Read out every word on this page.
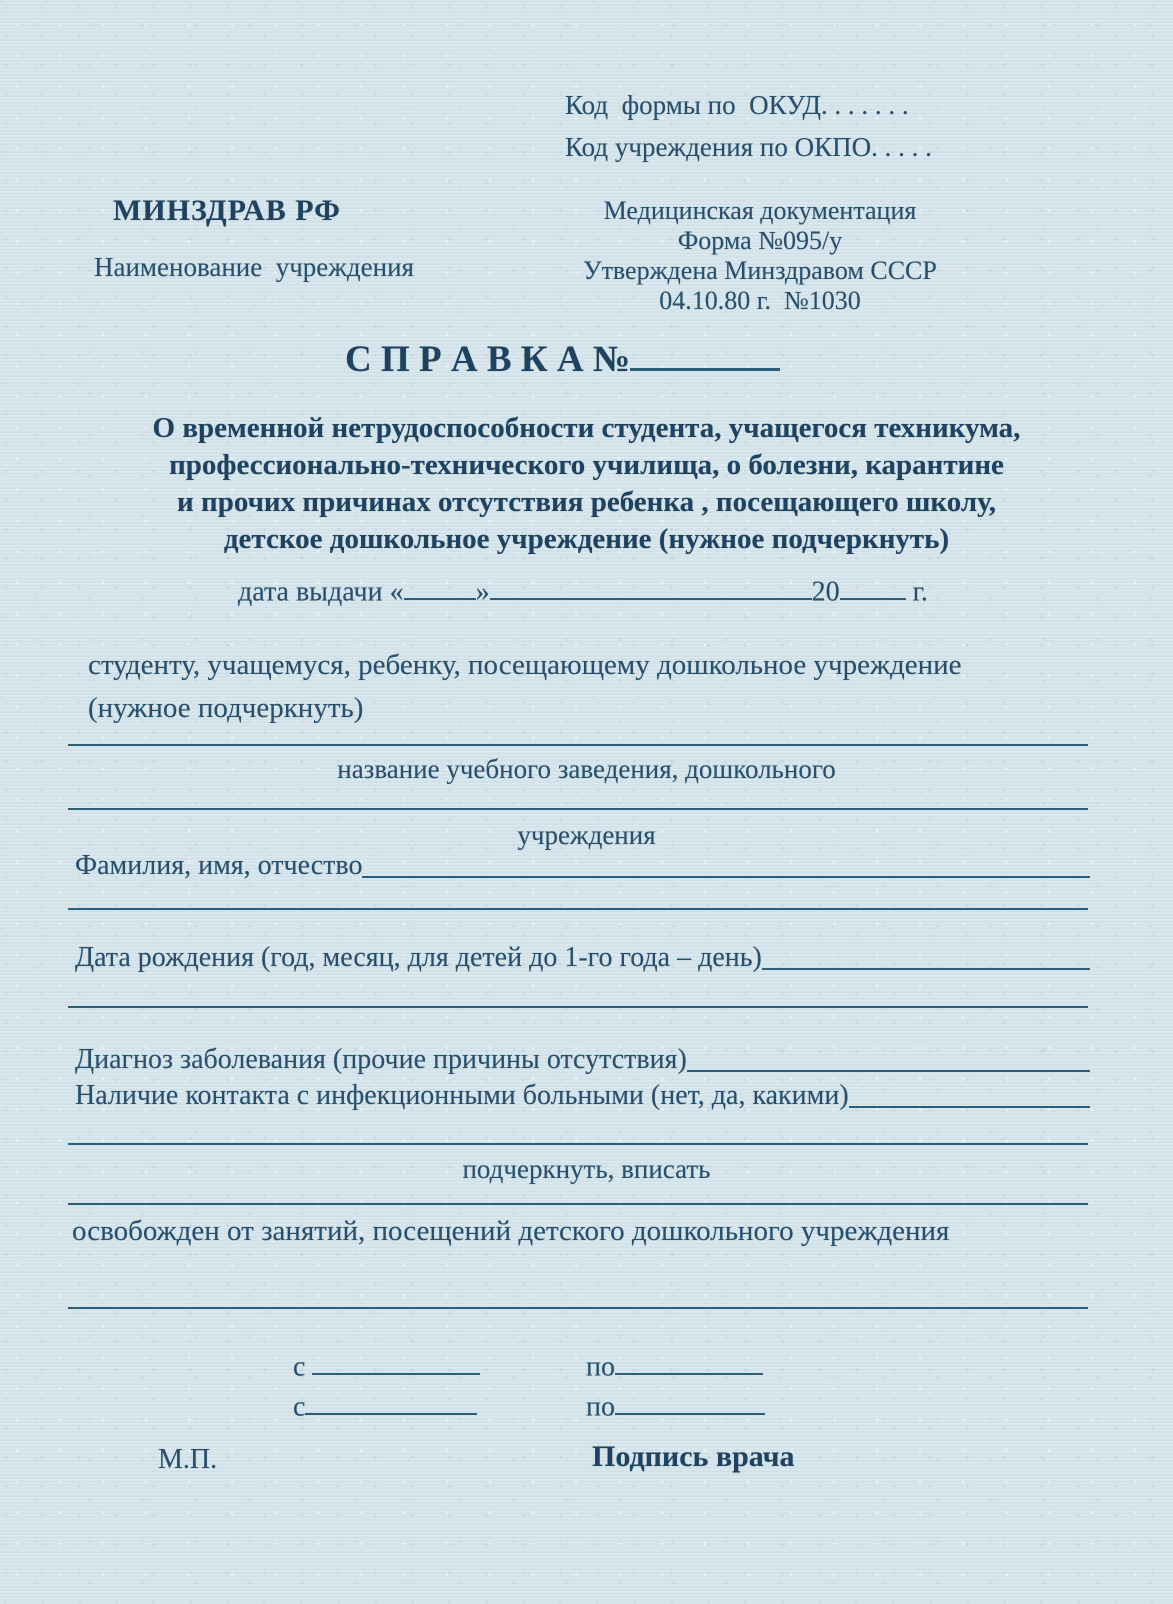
Код  формы по  ОКУД. . . . . . .
Код учреждения по ОКПО. . . . .
МИНЗДРАВ РФ
Наименование  учреждения
Медицинская документация
Форма №095/у
Утверждена Минздравом СССР
04.10.80 г.  №1030
С П Р А В К А №
О временной нетрудоспособности студента, учащегося техникума,
профессионально-технического училища, о болезни, карантине
и прочих причинах отсутствия ребенка , посещающего школу,
детское дошкольное учреждение (нужное подчеркнуть)
дата выдачи «	»	20	г.
студенту, учащемуся, ребенку, посещающему дошкольное учреждение
(нужное подчеркнуть)
название учебного заведения, дошкольного
учреждения
Фамилия, имя, отчество
Дата рождения (год, месяц, для детей до 1-го года – день)
Диагноз заболевания (прочие причины отсутствия)
Наличие контакта с инфекционными больными (нет, да, какими)
подчеркнуть, вписать
освобожден от занятий, посещений детского дошкольного учреждения
с	по
с	по
М.П.	Подпись врача
